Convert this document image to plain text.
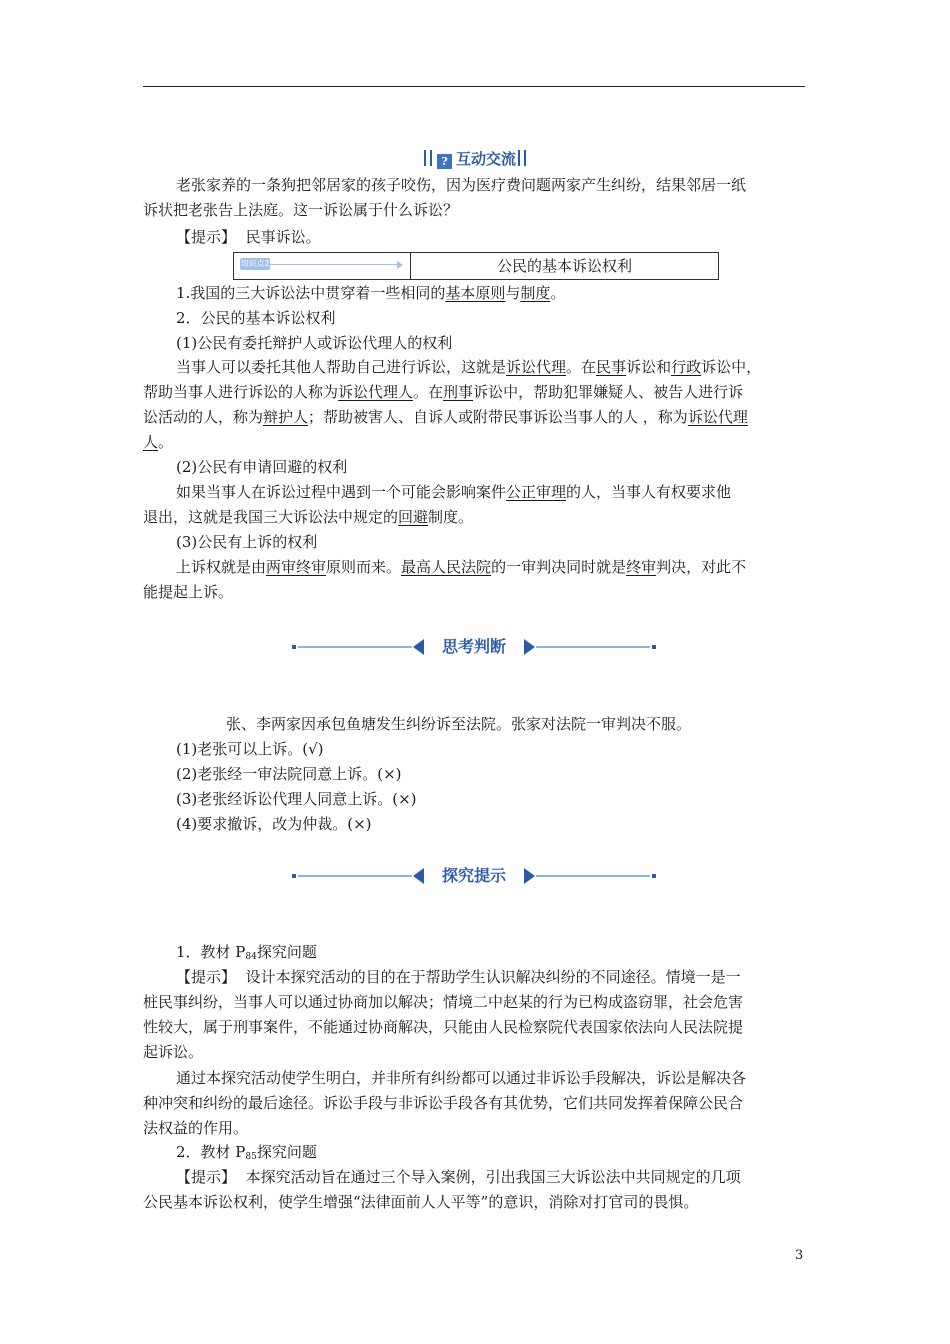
? 互动交流
老张家养的一条狗把邻居家的孩子咬伤，因为医疗费问题两家产生纠纷，结果邻居一纸
诉状把老张告上法庭。这一诉讼属于什么诉讼？
【提示】 民事诉讼。
知识点2	公民的基本诉讼权利
1.我国的三大诉讼法中贯穿着一些相同的基本原则与制度。
2．公民的基本诉讼权利
(1)公民有委托辩护人或诉讼代理人的权利
当事人可以委托其他人帮助自己进行诉讼，这就是诉讼代理。在民事诉讼和行政诉讼中，
帮助当事人进行诉讼的人称为诉讼代理人。在刑事诉讼中，帮助犯罪嫌疑人、被告人进行诉
讼活动的人，称为辩护人；帮助被害人、自诉人或附带民事诉讼当事人的人 ，称为诉讼代理
人。
(2)公民有申请回避的权利
如果当事人在诉讼过程中遇到一个可能会影响案件公正审理的人，当事人有权要求他
退出，这就是我国三大诉讼法中规定的回避制度。
(3)公民有上诉的权利
上诉权就是由两审终审原则而来。最高人民法院的一审判决同时就是终审判决，对此不
能提起上诉。
思考判断
张、李两家因承包鱼塘发生纠纷诉至法院。张家对法院一审判决不服。
(1)老张可以上诉。(√)
(2)老张经一审法院同意上诉。(×)
(3)老张经诉讼代理人同意上诉。(×)
(4)要求撤诉，改为仲裁。(×)
探究提示
1．教材 $P_{84}$探究问题
【提示】 设计本探究活动的目的在于帮助学生认识解决纠纷的不同途径。情境一是一
桩民事纠纷，当事人可以通过协商加以解决；情境二中赵某的行为已构成盗窃罪，社会危害
性较大，属于刑事案件，不能通过协商解决，只能由人民检察院代表国家依法向人民法院提
起诉讼。
通过本探究活动使学生明白，并非所有纠纷都可以通过非诉讼手段解决，诉讼是解决各
种冲突和纠纷的最后途径。诉讼手段与非诉讼手段各有其优势，它们共同发挥着保障公民合
法权益的作用。
2．教材 $P_{85}$探究问题
【提示】 本探究活动旨在通过三个导入案例，引出我国三大诉讼法中共同规定的几项
公民基本诉讼权利，使学生增强“法律面前人人平等”的意识，消除对打官司的畏惧。
3
